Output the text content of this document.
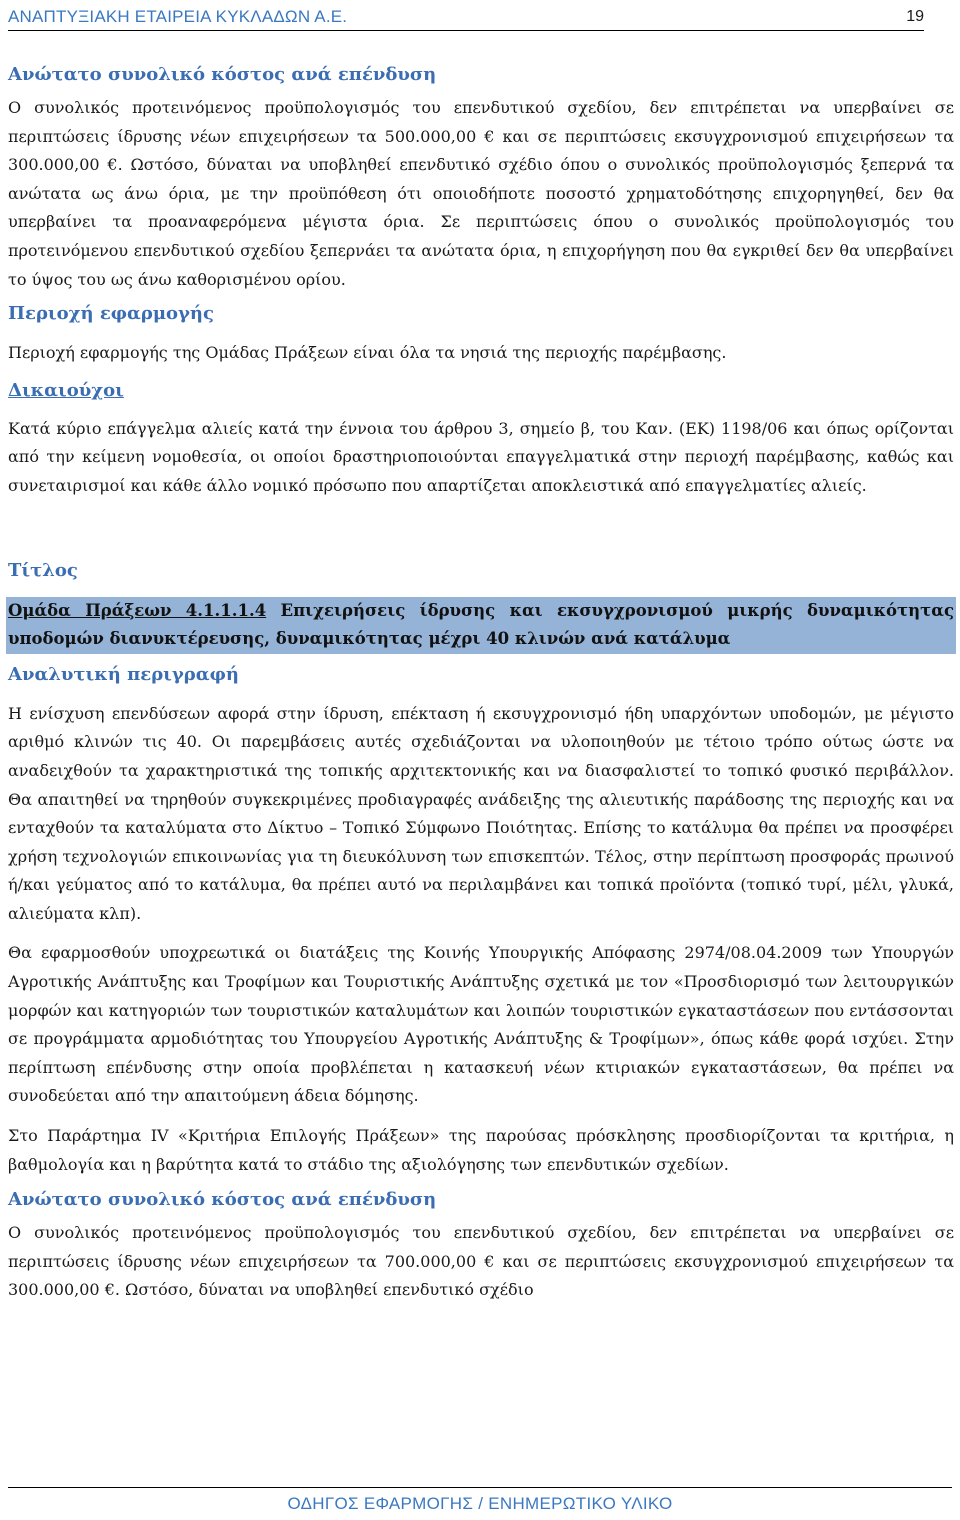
ΑΝΑΠΤΥΞΙΑΚΗ ΕΤΑΙΡΕΙΑ ΚΥΚΛΑΔΩΝ Α.Ε.	19
Ανώτατο συνολικό κόστος ανά επένδυση

Ο συνολικός προτεινόμενος προϋπολογισμός του επενδυτικού σχεδίου, δεν επιτρέπεται να υπερβαίνει σε περιπτώσεις ίδρυσης νέων επιχειρήσεων τα 500.000,00 € και σε περιπτώσεις εκσυγχρονισμού επιχειρήσεων τα 300.000,00 €. Ωστόσο, δύναται να υποβληθεί επενδυτικό σχέδιο όπου ο συνολικός προϋπολογισμός ξεπερνά τα ανώτατα ως άνω όρια, με την προϋπόθεση ότι οποιοδήποτε ποσοστό χρηματοδότησης επιχορηγηθεί, δεν θα υπερβαίνει τα προαναφερόμενα μέγιστα όρια. Σε περιπτώσεις όπου ο συνολικός προϋπολογισμός του προτεινόμενου επενδυτικού σχεδίου ξεπερνάει τα ανώτατα όρια, η επιχορήγηση που θα εγκριθεί δεν θα υπερβαίνει το ύψος του ως άνω καθορισμένου ορίου.

Περιοχή εφαρμογής

Περιοχή εφαρμογής της Ομάδας Πράξεων είναι όλα τα νησιά της περιοχής παρέμβασης.

Δικαιούχοι

Κατά κύριο επάγγελμα αλιείς κατά την έννοια του άρθρου 3, σημείο β, του Καν. (ΕΚ) 1198/06 και όπως ορίζονται από την κείμενη νομοθεσία, οι οποίοι δραστηριοποιούνται επαγγελματικά στην περιοχή παρέμβασης, καθώς και συνεταιρισμοί και κάθε άλλο νομικό πρόσωπο που απαρτίζεται αποκλειστικά από επαγγελματίες αλιείς.

Τίτλος

Ομάδα Πράξεων 4.1.1.1.4 Επιχειρήσεις ίδρυσης και εκσυγχρονισμού μικρής δυναμικότητας υποδομών διανυκτέρευσης, δυναμικότητας μέχρι 40 κλινών ανά κατάλυμα

Αναλυτική περιγραφή

Η ενίσχυση επενδύσεων αφορά στην ίδρυση, επέκταση ή εκσυγχρονισμό ήδη υπαρχόντων υποδομών, με μέγιστο αριθμό κλινών τις 40. Οι παρεμβάσεις αυτές σχεδιάζονται να υλοποιηθούν με τέτοιο τρόπο ούτως ώστε να αναδειχθούν τα χαρακτηριστικά της τοπικής αρχιτεκτονικής και να διασφαλιστεί το τοπικό φυσικό περιβάλλον. Θα απαιτηθεί να τηρηθούν συγκεκριμένες προδιαγραφές ανάδειξης της αλιευτικής παράδοσης της περιοχής και να ενταχθούν τα καταλύματα στο Δίκτυο – Τοπικό Σύμφωνο Ποιότητας. Επίσης το κατάλυμα θα πρέπει να προσφέρει χρήση τεχνολογιών επικοινωνίας για τη διευκόλυνση των επισκεπτών. Τέλος, στην περίπτωση προσφοράς πρωινού ή/και γεύματος από το κατάλυμα, θα πρέπει αυτό να περιλαμβάνει και τοπικά προϊόντα (τοπικό τυρί, μέλι, γλυκά, αλιεύματα κλπ).

Θα εφαρμοσθούν υποχρεωτικά οι διατάξεις της Κοινής Υπουργικής Απόφασης 2974/08.04.2009 των Υπουργών Αγροτικής Ανάπτυξης και Τροφίμων και Τουριστικής Ανάπτυξης σχετικά με τον «Προσδιορισμό των λειτουργικών μορφών και κατηγοριών των τουριστικών καταλυμάτων και λοιπών τουριστικών εγκαταστάσεων που εντάσσονται σε προγράμματα αρμοδιότητας του Υπουργείου Αγροτικής Ανάπτυξης & Τροφίμων», όπως κάθε φορά ισχύει. Στην περίπτωση επένδυσης στην οποία προβλέπεται η κατασκευή νέων κτιριακών εγκαταστάσεων, θα πρέπει να συνοδεύεται από την απαιτούμενη άδεια δόμησης.

Στο Παράρτημα IV «Κριτήρια Επιλογής Πράξεων» της παρούσας πρόσκλησης προσδιορίζονται τα κριτήρια, η βαθμολογία και η βαρύτητα κατά το στάδιο της αξιολόγησης των επενδυτικών σχεδίων.

Ανώτατο συνολικό κόστος ανά επένδυση

Ο συνολικός προτεινόμενος προϋπολογισμός του επενδυτικού σχεδίου, δεν επιτρέπεται να υπερβαίνει σε περιπτώσεις ίδρυσης νέων επιχειρήσεων τα 700.000,00 € και σε περιπτώσεις εκσυγχρονισμού επιχειρήσεων τα 300.000,00 €. Ωστόσο, δύναται να υποβληθεί επενδυτικό σχέδιο

ΟΔΗΓΟΣ ΕΦΑΡΜΟΓΗΣ / ΕΝΗΜΕΡΩΤΙΚΟ ΥΛΙΚΟ
